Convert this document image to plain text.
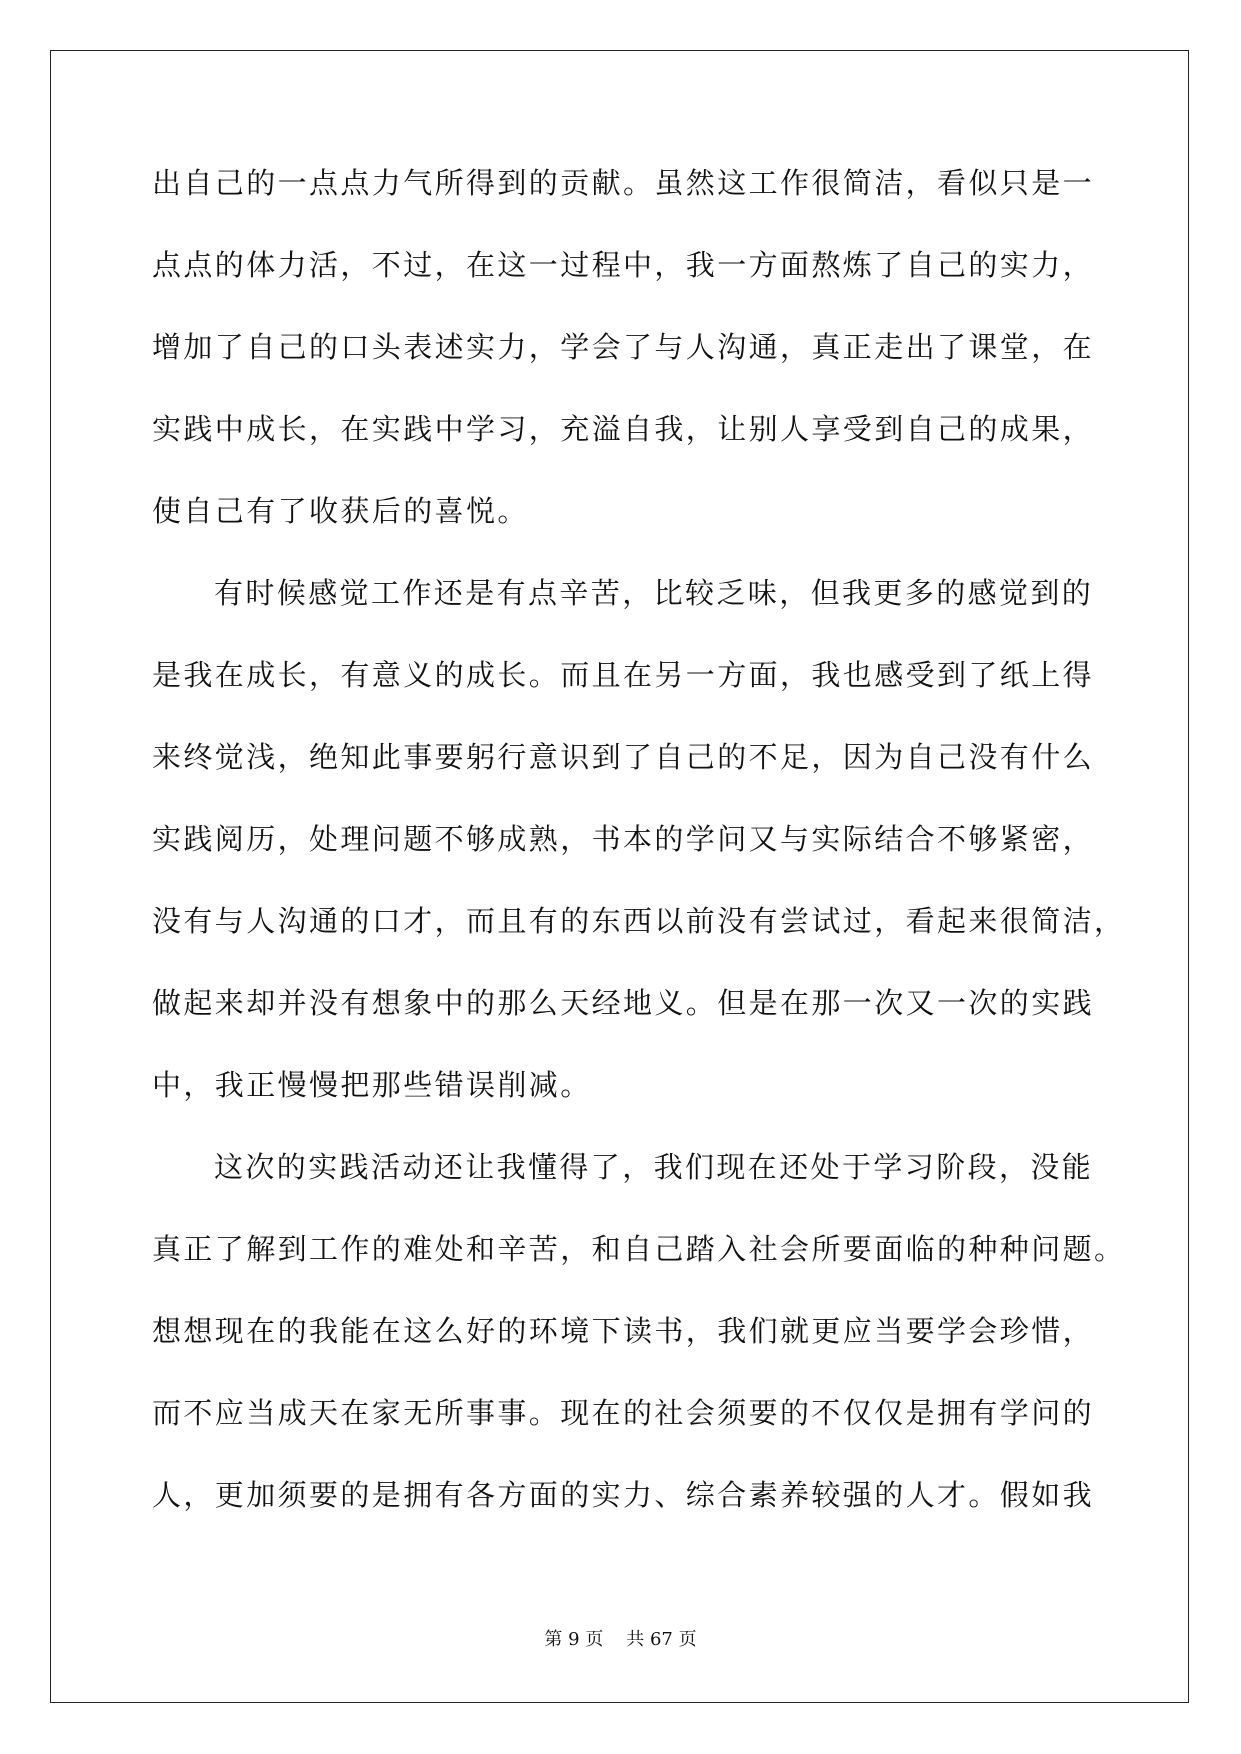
出自己的一点点力气所得到的贡献。虽然这工作很简洁，看似只是一
点点的体力活，不过，在这一过程中，我一方面熬炼了自己的实力，
增加了自己的口头表述实力，学会了与人沟通，真正走出了课堂，在
实践中成长，在实践中学习，充溢自我，让别人享受到自己的成果，
使自己有了收获后的喜悦。
有时候感觉工作还是有点辛苦，比较乏味，但我更多的感觉到的
是我在成长，有意义的成长。而且在另一方面，我也感受到了纸上得
来终觉浅，绝知此事要躬行意识到了自己的不足，因为自己没有什么
实践阅历，处理问题不够成熟，书本的学问又与实际结合不够紧密，
没有与人沟通的口才，而且有的东西以前没有尝试过，看起来很简洁，
做起来却并没有想象中的那么天经地义。但是在那一次又一次的实践
中，我正慢慢把那些错误削减。
这次的实践活动还让我懂得了，我们现在还处于学习阶段，没能
真正了解到工作的难处和辛苦，和自己踏入社会所要面临的种种问题。
想想现在的我能在这么好的环境下读书，我们就更应当要学会珍惜，
而不应当成天在家无所事事。现在的社会须要的不仅仅是拥有学问的
人，更加须要的是拥有各方面的实力、综合素养较强的人才。假如我
第 9 页 共 67 页
